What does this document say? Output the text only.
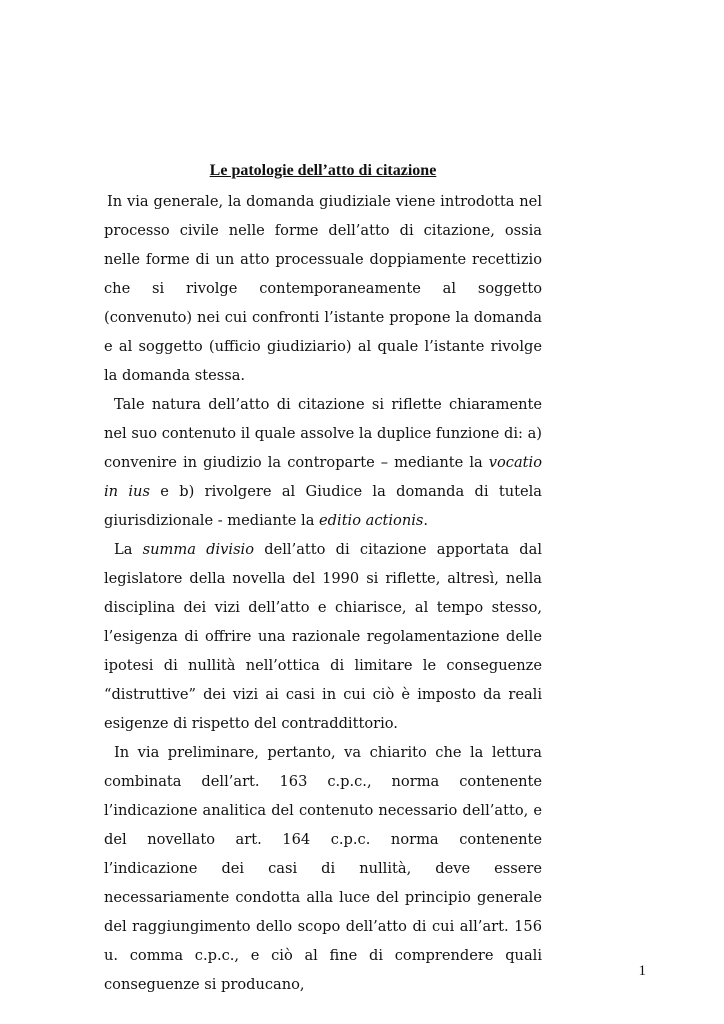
Le patologie dell’atto di citazione

In via generale, la domanda giudiziale viene introdotta nel processo civile nelle forme dell’atto di citazione, ossia nelle forme di un atto processuale doppiamente recettizio che si rivolge contemporaneamente al soggetto (convenuto) nei cui confronti l’istante propone la domanda e al soggetto (ufficio giudiziario) al quale l’istante rivolge la domanda stessa.

Tale natura dell’atto di citazione si riflette chiaramente nel suo contenuto il quale assolve la duplice funzione di: a) convenire in giudizio la controparte – mediante la vocatio in ius e b) rivolgere al Giudice la domanda di tutela giurisdizionale - mediante la editio actionis.

La summa divisio dell’atto di citazione apportata dal legislatore della novella del 1990 si riflette, altresì, nella disciplina dei vizi dell’atto e chiarisce, al tempo stesso, l’esigenza di offrire una razionale regolamentazione delle ipotesi di nullità nell’ottica di limitare le conseguenze “distruttive” dei vizi ai casi in cui ciò è imposto da reali esigenze di rispetto del contraddittorio.

In via preliminare, pertanto, va chiarito che la lettura combinata dell’art. 163 c.p.c., norma contenente l’indicazione analitica del contenuto necessario dell’atto, e del novellato art. 164 c.p.c. norma contenente l’indicazione dei casi di nullità, deve essere necessariamente condotta alla luce del principio generale del raggiungimento dello scopo dell’atto di cui all’art. 156 u. comma c.p.c., e ciò al fine di comprendere quali conseguenze si producano,

1
